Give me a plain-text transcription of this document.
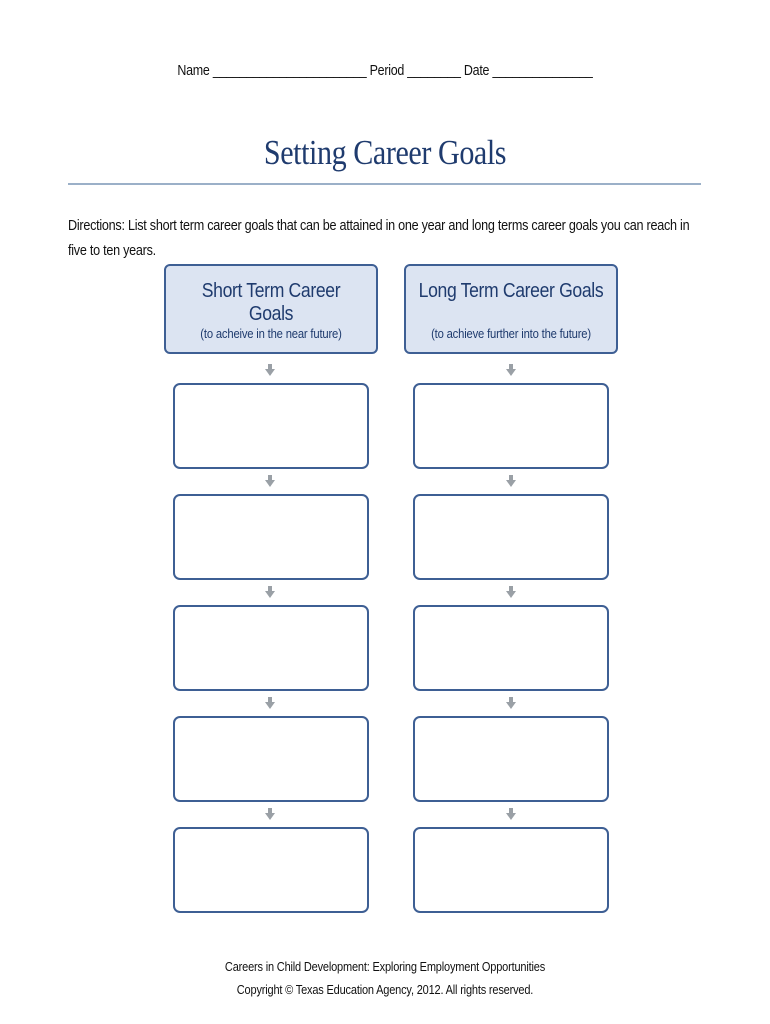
Name _______________________ Period ________ Date _______________
Setting Career Goals
Directions: List short term career goals that can be attained in one year and long terms career goals you can reach in five to ten years.
Short Term Career Goals
(to acheive in the near future)
Long Term Career Goals
(to achieve further into the future)
Careers in Child Development: Exploring Employment Opportunities
Copyright © Texas Education Agency, 2012. All rights reserved.
